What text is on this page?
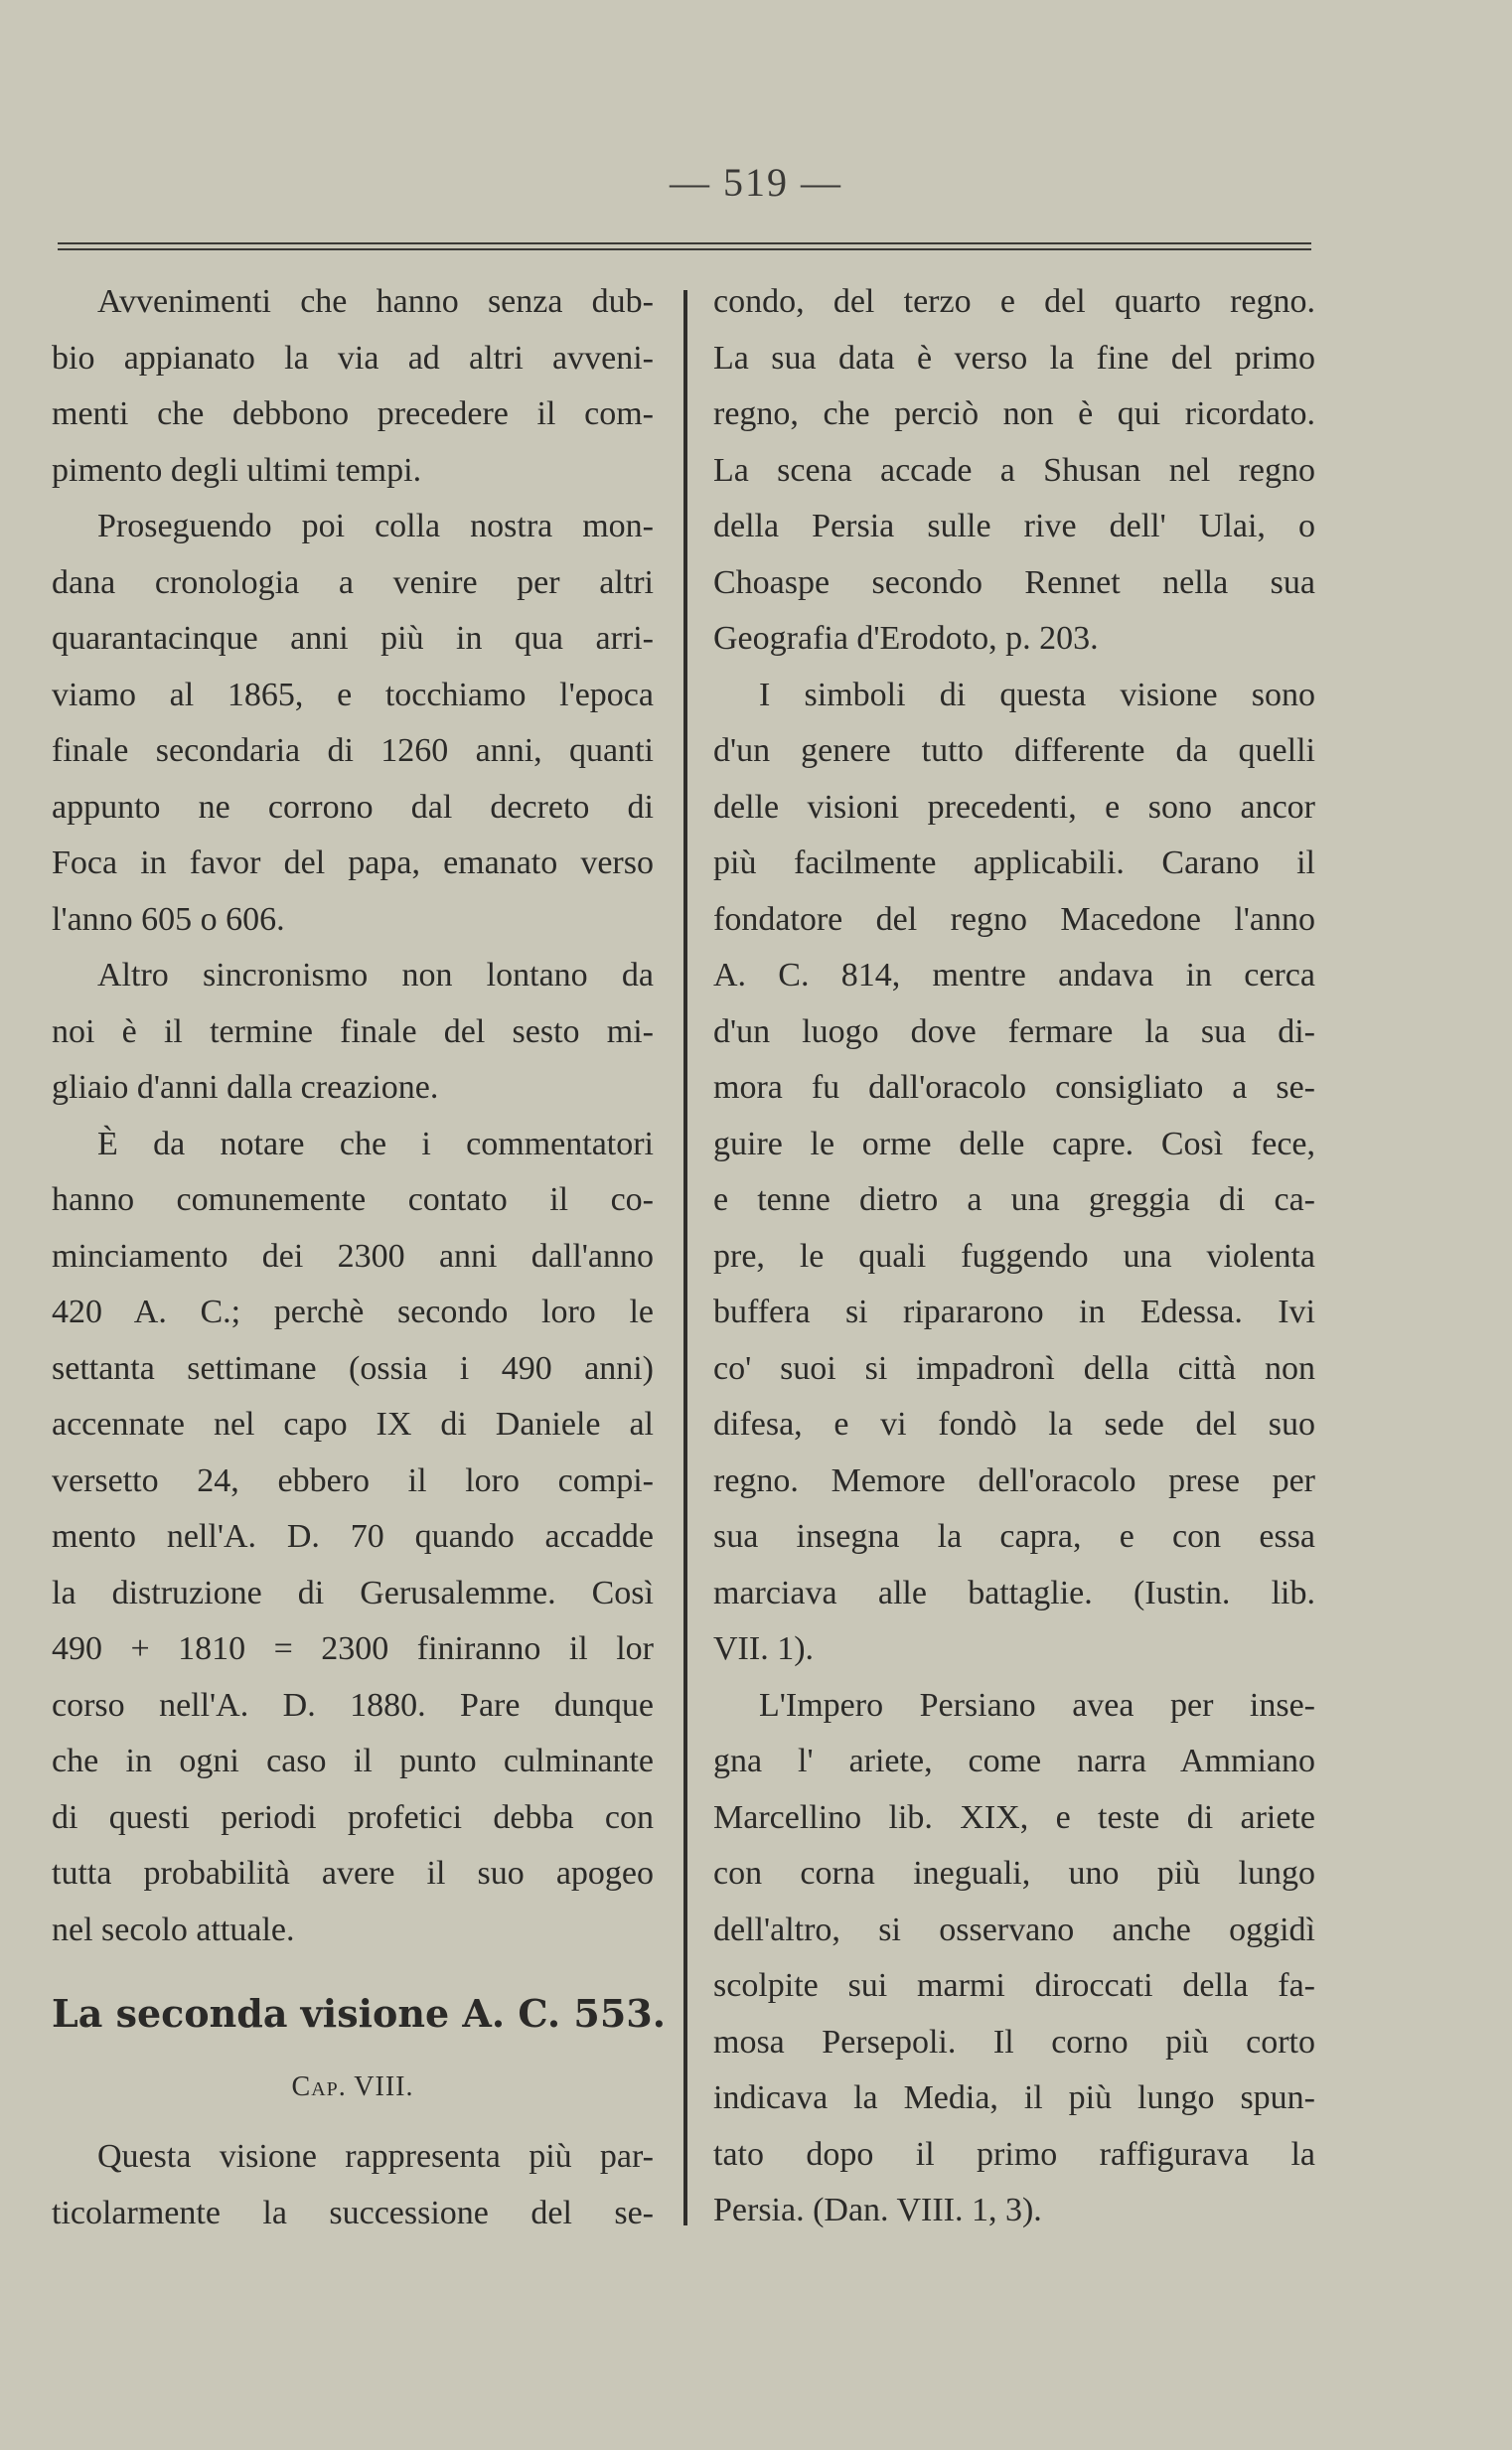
— 519 —
Avvenimenti che hanno senza dub-
bio appianato la via ad altri avveni-
menti che debbono precedere il com-
pimento degli ultimi tempi.
Proseguendo poi colla nostra mon-
dana cronologia a venire per altri
quarantacinque anni più in qua arri-
viamo al 1865, e tocchiamo l'epoca
finale secondaria di 1260 anni, quanti
appunto ne corrono dal decreto di
Foca in favor del papa, emanato verso
l'anno 605 o 606.
Altro sincronismo non lontano da
noi è il termine finale del sesto mi-
gliaio d'anni dalla creazione.
È da notare che i commentatori
hanno comunemente contato il co-
minciamento dei 2300 anni dall'anno
420 A. C.; perchè secondo loro le
settanta settimane (ossia i 490 anni)
accennate nel capo IX di Daniele al
versetto 24, ebbero il loro compi-
mento nell'A. D. 70 quando accadde
la distruzione di Gerusalemme. Così
490 + 1810 = 2300 finiranno il lor
corso nell'A. D. 1880. Pare dunque
che in ogni caso il punto culminante
di questi periodi profetici debba con
tutta probabilità avere il suo apogeo
nel secolo attuale.
La seconda visione A. C. 553.
Cap. VIII.
Questa visione rappresenta più par-
ticolarmente la successione del se-
condo, del terzo e del quarto regno.
La sua data è verso la fine del primo
regno, che perciò non è qui ricordato.
La scena accade a Shusan nel regno
della Persia sulle rive dell' Ulai, o
Choaspe secondo Rennet nella sua
Geografia d'Erodoto, p. 203.
I simboli di questa visione sono
d'un genere tutto differente da quelli
delle visioni precedenti, e sono ancor
più facilmente applicabili. Carano il
fondatore del regno Macedone l'anno
A. C. 814, mentre andava in cerca
d'un luogo dove fermare la sua di-
mora fu dall'oracolo consigliato a se-
guire le orme delle capre. Così fece,
e tenne dietro a una greggia di ca-
pre, le quali fuggendo una violenta
buffera si ripararono in Edessa. Ivi
co' suoi si impadronì della città non
difesa, e vi fondò la sede del suo
regno. Memore dell'oracolo prese per
sua insegna la capra, e con essa
marciava alle battaglie. (Iustin. lib.
VII. 1).
L'Impero Persiano avea per inse-
gna l' ariete, come narra Ammiano
Marcellino lib. XIX, e teste di ariete
con corna ineguali, uno più lungo
dell'altro, si osservano anche oggidì
scolpite sui marmi diroccati della fa-
mosa Persepoli. Il corno più corto
indicava la Media, il più lungo spun-
tato dopo il primo raffigurava la
Persia. (Dan. VIII. 1, 3).
